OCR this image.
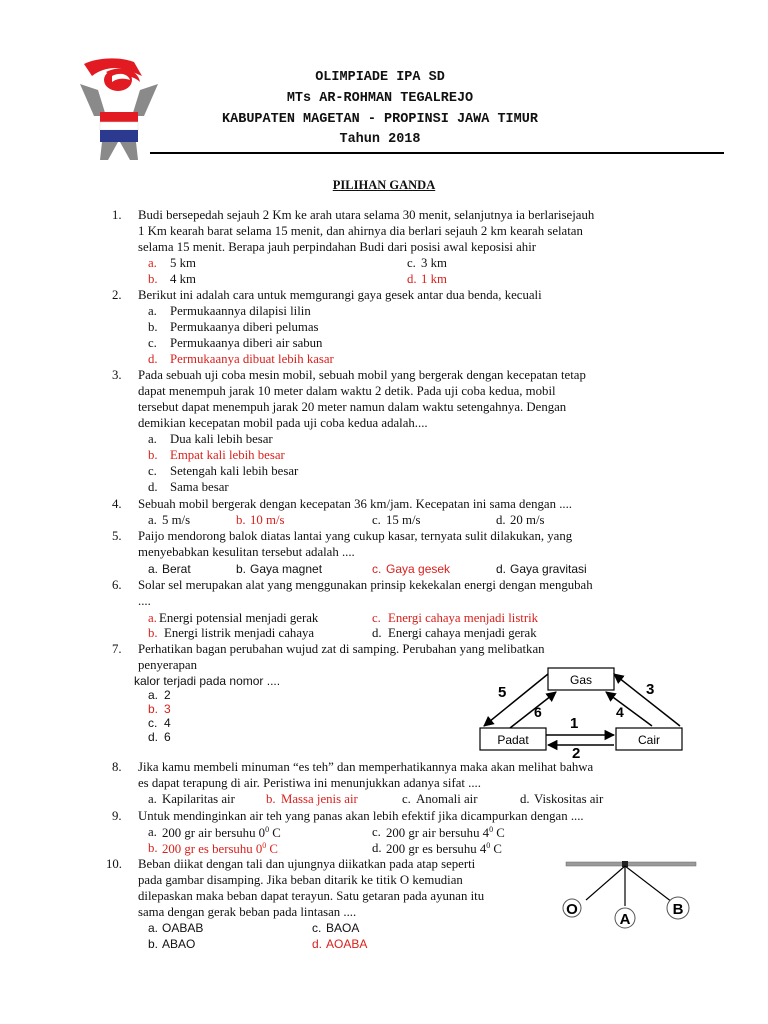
OLIMPIADE IPA SD
MTs AR-ROHMAN TEGALREJO
KABUPATEN MAGETAN - PROPINSI JAWA TIMUR
Tahun 2018
PILIHAN GANDA
1. Budi bersepedah sejauh 2 Km ke arah utara selama 30 menit, selanjutnya ia berlarisejauh
1 Km kearah barat selama 15 menit, dan ahirnya dia berlari sejauh 2 km kearah selatan
selama 15 menit. Berapa jauh perpindahan Budi dari posisi awal keposisi ahir
a. 5 km
b. 4 km
c. 3 km
d. 1 km
2. Berikut ini adalah cara untuk memgurangi gaya gesek antar dua benda, kecuali
a. Permukaannya dilapisi lilin
b. Permukaanya diberi pelumas
c. Permukaanya diberi air sabun
d. Permukaanya dibuat lebih kasar
3. Pada sebuah uji coba mesin mobil, sebuah mobil yang bergerak dengan kecepatan tetap
dapat menempuh jarak 10 meter dalam waktu 2 detik. Pada uji coba kedua, mobil
tersebut dapat menempuh jarak 20 meter namun dalam waktu setengahnya. Dengan
demikian kecepatan mobil pada uji coba kedua adalah....
a. Dua kali lebih besar
b. Empat kali lebih besar
c. Setengah kali lebih besar
d. Sama besar
4. Sebuah mobil bergerak dengan kecepatan 36 km/jam. Kecepatan ini sama dengan ....
a. 5 m/s	b. 10 m/s	c. 15 m/s	d. 20 m/s
5. Paijo mendorong balok diatas lantai yang cukup kasar, ternyata sulit dilakukan, yang
menyebabkan kesulitan tersebut adalah ....
a. Berat	b. Gaya magnet	c. Gaya gesek	d. Gaya gravitasi
6. Solar sel merupakan alat yang menggunakan prinsip kekekalan energi dengan mengubah
....
a. Energi potensial menjadi gerak	c. Energi cahaya menjadi listrik
b. Energi listrik menjadi cahaya	d. Energi cahaya menjadi gerak
7. Perhatikan bagan perubahan wujud zat di samping. Perubahan yang melibatkan
penyerapan
kalor terjadi pada nomor ....
a. 2
b. 3
c. 4
d. 6
Gas
Padat	Cair
5
6
3
4
1
2
8. Jika kamu membeli minuman “es teh” dan memperhatikannya maka akan melihat bahwa
es dapat terapung di air. Peristiwa ini menunjukkan adanya sifat ....
a. Kapilaritas air b. Massa jenis air	c. Anomali air	d. Viskositas air
9. Untuk mendinginkan air teh yang panas akan lebih efektif jika dicampurkan dengan ....
a. 200 gr air bersuhu $0^0$ C	c. 200 gr air bersuhu $4^0$ C
b. 200 gr es bersuhu $0^0$ C	d. 200 gr es bersuhu $4^0$ C
10. Beban diikat dengan tali dan ujungnya diikatkan pada atap seperti
pada gambar disamping. Jika beban ditarik ke titik O kemudian
dilepaskan maka beban dapat terayun. Satu getaran pada ayunan itu
sama dengan gerak beban pada lintasan ....
a. OABAB	c. BAOA
b. ABAO	d. AOABA
O
A
B
